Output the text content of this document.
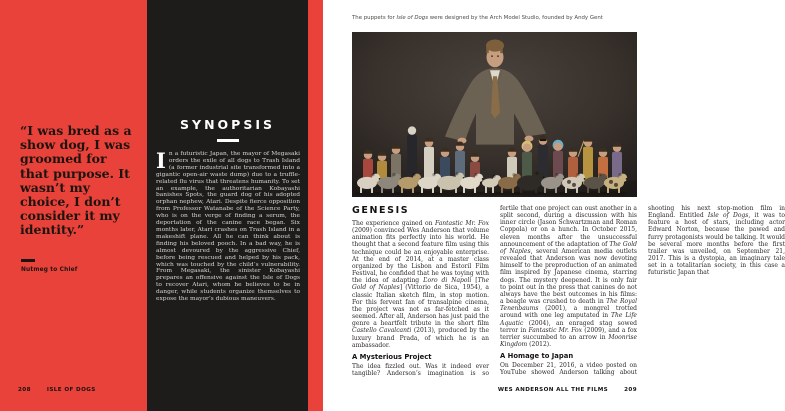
“I was bred as a show dog, I was groomed for that purpose. It wasn’t my choice, I don’t consider it my identity.”
Nutmeg to Chief
SYNOPSIS
In a futuristic Japan, the mayor of Megasaki orders the exile of all dogs to Trash Island (a former industrial site transformed into a gigantic open-air waste dump) due to a truffle-related flu virus that threatens humanity. To set an example, the authoritarian Kobayashi banishes Spots, the guard dog of his adopted orphan nephew, Atari. Despite fierce opposition from Professor Watanabe of the Science Party, who is on the verge of finding a serum, the deportation of the canine race began. Six months later, Atari crashes on Trash Island in a makeshift plane. All he can think about is finding his beloved pooch. In a bad way, he is almost devoured by the aggressive Chief, before being rescued and helped by his pack, which was touched by the child’s vulnerability. From Megasaki, the sinister Kobayashi prepares an offensive against the Isle of Dogs to recover Atari, whom he believes to be in danger, while students organize themselves to expose the mayor’s dubious maneuvers.
208	ISLE OF DOGS
The puppets for Isle of Dogs were designed by the Arch Model Studio, founded by Andy Gent
GENESIS

The experience gained on Fantastic Mr. Fox (2009) convinced Wes Anderson that volume animation fits perfectly into his world. He thought that a second feature film using this technique could be an enjoyable enterprise. At the end of 2014, at a master class organized by the Lisbon and Estoril Film Festival, he confided that he was toying with the idea of adapting L’oro di Napoli [The Gold of Naples] (Vittorio de Sica, 1954), a classic Italian sketch film, in stop motion. For this fervent fan of transalpine cinema, the project was not as far-fetched as it seemed. After all, Anderson has just paid the genre a heartfelt tribute in the short film Castello Cavalcanti (2013), produced by the luxury brand Prada, of which he is an ambassador.

A Mysterious Project

The idea fizzled out. Was it indeed ever tangible? Anderson’s imagination is so fertile that one project can oust another in a split second, during a discussion with his inner circle (Jason Schwartzman and Roman Coppola) or on a hunch. In October 2015, eleven months after the unsuccessful announcement of the adaptation of The Gold of Naples, several American media outlets revealed that Anderson was now devoting himself to the preproduction of an animated film inspired by Japanese cinema, starring dogs. The mystery deepened. It is only fair to point out in the press that canines do not always have the best outcomes in his films: a beagle was crushed to death in The Royal Tenenbaums (2001), a mongrel trotted around with one leg amputated in The Life Aquatic (2004), an enraged stag sowed terror in Fantastic Mr. Fox (2009), and a fox terrier succumbed to an arrow in Moonrise Kingdom (2012).

A Homage to Japan

On December 21, 2016, a video posted on YouTube showed Anderson talking about shooting his next stop-motion film in England. Entitled Isle of Dogs, it was to feature a host of stars, including actor Edward Norton, because the pawed and furry protagonists would be talking. It would be several more months before the first trailer was unveiled, on September 21, 2017. This is a dystopia, an imaginary tale set in a totalitarian society, in this case a futuristic Japan that

WES ANDERSON ALL THE FILMS	209
